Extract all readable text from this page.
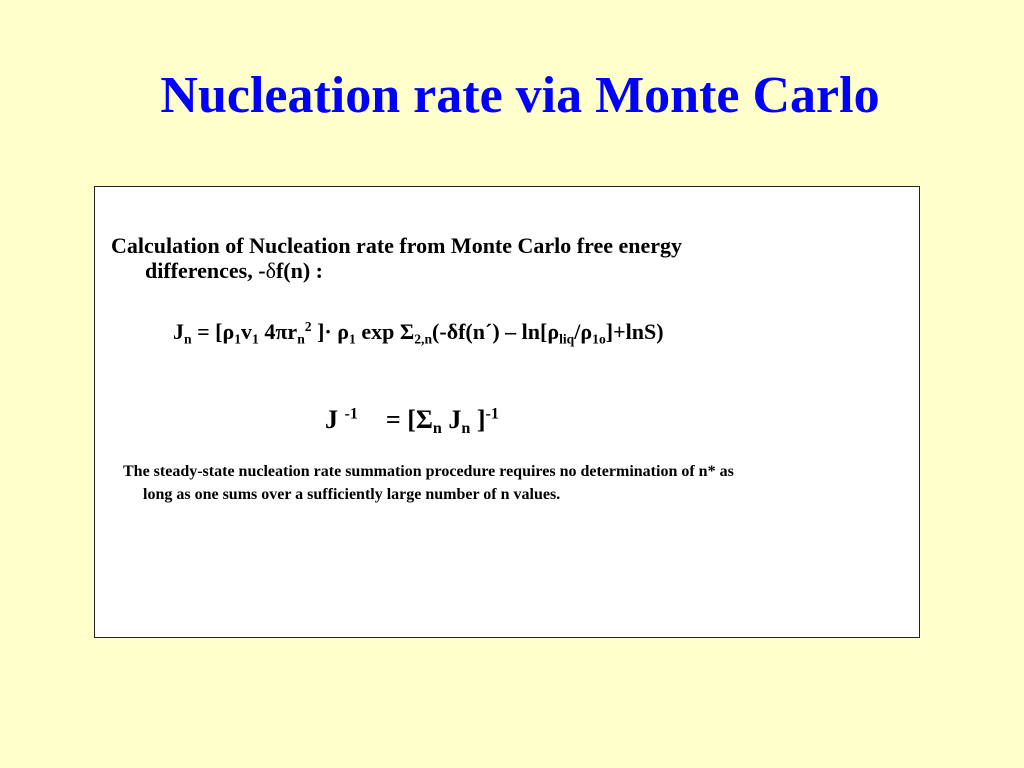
Nucleation rate via Monte Carlo
Calculation of Nucleation rate from Monte Carlo free energy
differences, -δf(n) :
$J_n = [\rho_1v_1$ $4\pi r_n^2$ ]· $\rho_1$ $\exp \Sigma_{2,n}(-\delta f(n´) - \ln[\rho_{liq}/\rho_{1o}]+\ln S)$
J $^{-1} = [\Sigma_n$ $J_n$ ]$^{-1}$
The steady-state nucleation rate summation procedure requires no determination of n* as
long as one sums over a sufficiently large number of n values.
